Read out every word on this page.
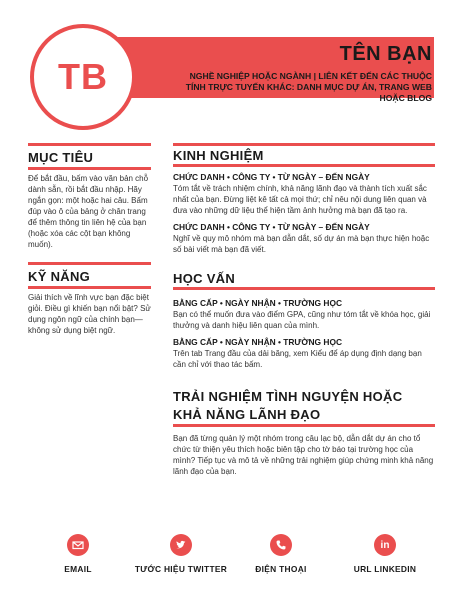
TB
TÊN BẠN
NGHỀ NGHIỆP HOẶC NGÀNH | LIÊN KẾT ĐẾN CÁC THUỘC TÍNH TRỰC TUYẾN KHÁC: DANH MỤC DỰ ÁN, TRANG WEB HOẶC BLOG
MỤC TIÊU
Để bắt đầu, bấm vào văn bản chỗ dành sẵn, rồi bắt đầu nhập. Hãy ngắn gọn: một hoặc hai câu. Bấm đúp vào ô của bảng ở chân trang để thêm thông tin liên hệ của bạn (hoặc xóa các cột bạn không muốn).
KỸ NĂNG
Giải thích về lĩnh vực bạn đặc biệt giỏi. Điều gì khiến bạn nổi bật? Sử dụng ngôn ngữ của chính bạn—không sử dụng biệt ngữ.
KINH NGHIỆM
CHỨC DANH • CÔNG TY • TỪ NGÀY – ĐẾN NGÀY
Tóm tắt về trách nhiệm chính, khả năng lãnh đạo và thành tích xuất sắc nhất của bạn. Đừng liệt kê tất cả mọi thứ; chỉ nêu nội dung liên quan và đưa vào những dữ liệu thể hiện tầm ảnh hưởng mà bạn đã tạo ra.
CHỨC DANH • CÔNG TY • TỪ NGÀY – ĐẾN NGÀY
Nghĩ về quy mô nhóm mà bạn dẫn dắt, số dự án mà bạn thực hiện hoặc số bài viết mà bạn đã viết.
HỌC VẤN
BẰNG CẤP • NGÀY NHẬN • TRƯỜNG HỌC
Bạn có thể muốn đưa vào điểm GPA, cũng như tóm tắt về khóa học, giải thưởng và danh hiệu liên quan của mình.
BẰNG CẤP • NGÀY NHẬN • TRƯỜNG HỌC
Trên tab Trang đầu của dải băng, xem Kiểu để áp dụng định dạng bạn cần chỉ với thao tác bấm.
TRẢI NGHIỆM TÌNH NGUYỆN HOẶC KHẢ NĂNG LÃNH ĐẠO
Bạn đã từng quản lý một nhóm trong câu lạc bộ, dẫn dắt dự án cho tổ chức từ thiện yêu thích hoặc biên tập cho tờ báo tại trường học của mình? Tiếp tục và mô tả về những trải nghiệm giúp chứng minh khả năng lãnh đạo của bạn.
EMAIL	TƯỚC HIỆU TWITTER	ĐIỆN THOẠI
in
URL LINKEDIN
